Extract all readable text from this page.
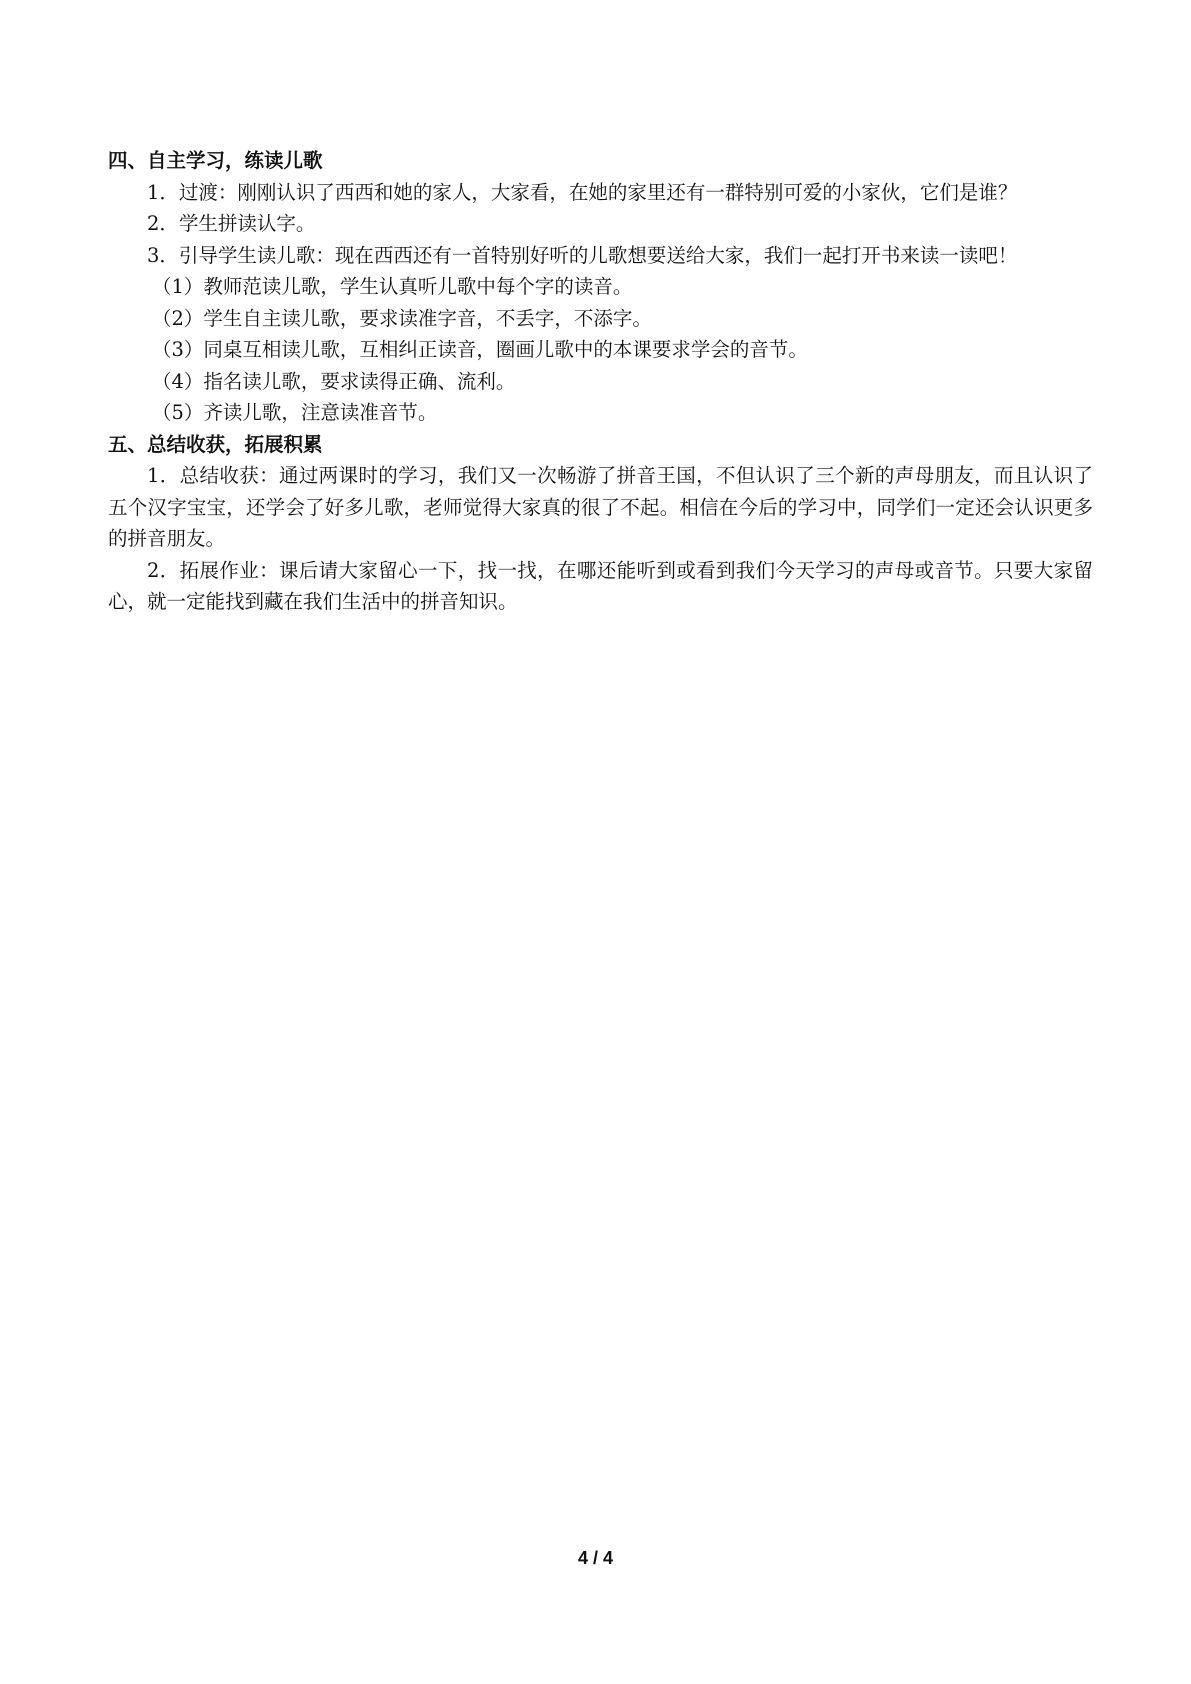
四、自主学习，练读儿歌

1．过渡：刚刚认识了西西和她的家人，大家看，在她的家里还有一群特别可爱的小家伙，它们是谁？

2．学生拼读认字。

3．引导学生读儿歌：现在西西还有一首特别好听的儿歌想要送给大家，我们一起打开书来读一读吧！

（1）教师范读儿歌，学生认真听儿歌中每个字的读音。

（2）学生自主读儿歌，要求读准字音，不丢字，不添字。

（3）同桌互相读儿歌，互相纠正读音，圈画儿歌中的本课要求学会的音节。

（4）指名读儿歌，要求读得正确、流利。

（5）齐读儿歌，注意读准音节。

五、总结收获，拓展积累

1．总结收获：通过两课时的学习，我们又一次畅游了拼音王国，不但认识了三个新的声母朋友，而且认识了五个汉字宝宝，还学会了好多儿歌，老师觉得大家真的很了不起。相信在今后的学习中，同学们一定还会认识更多的拼音朋友。

2．拓展作业：课后请大家留心一下，找一找，在哪还能听到或看到我们今天学习的声母或音节。只要大家留心，就一定能找到藏在我们生活中的拼音知识。

4 / 4
